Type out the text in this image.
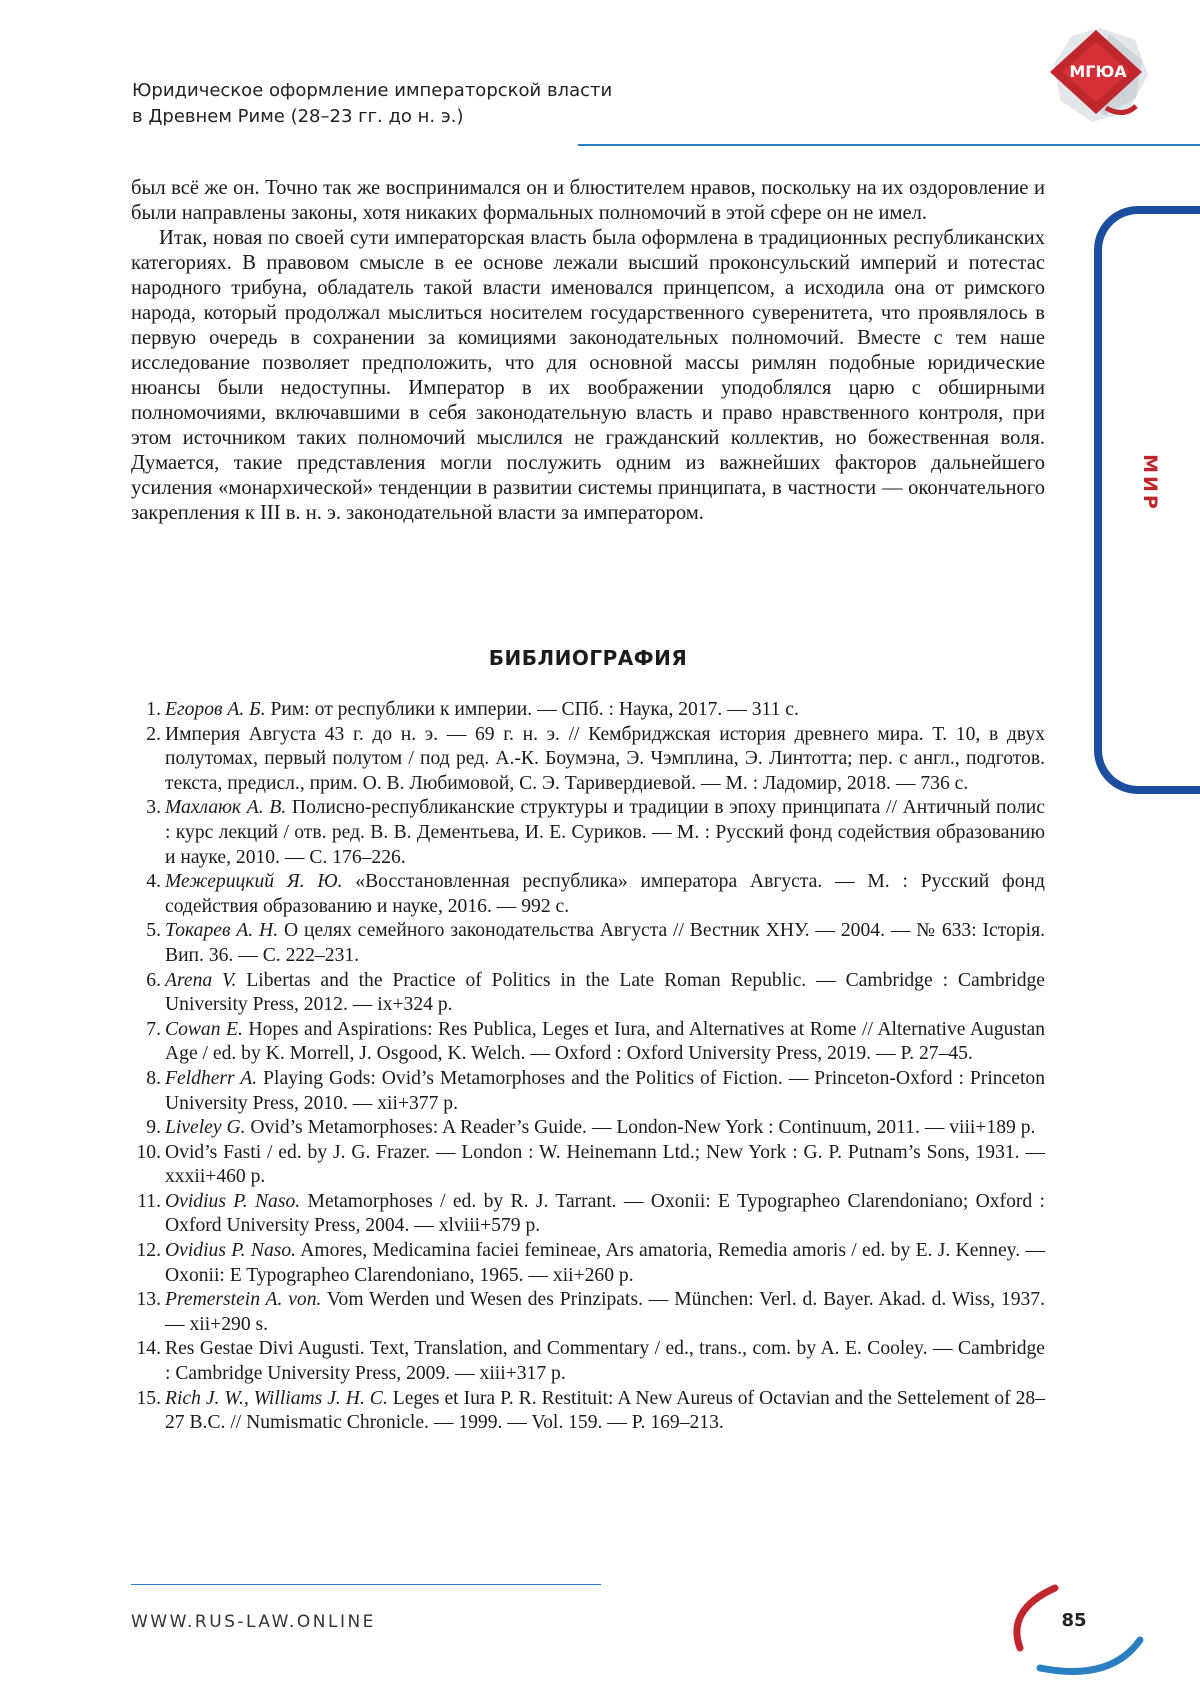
Юридическое оформление императорской власти
в Древнем Риме (28–23 гг. до н. э.)
МГЮА
МИР

был всё же он. Точно так же воспринимался он и блюстителем нравов, поскольку на их оздоровление и были направлены законы, хотя никаких формальных полномочий в этой сфере он не имел.

Итак, новая по своей сути императорская власть была оформлена в традиционных республиканских категориях. В правовом смысле в ее основе лежали высший проконсульский империй и потестас народного трибуна, обладатель такой власти именовался принцепсом, а исходила она от римского народа, который продолжал мыслиться носителем государственного суверенитета, что проявлялось в первую очередь в сохранении за комициями законодательных полномочий. Вместе с тем наше исследование позволяет предположить, что для основной массы римлян подобные юридические нюансы были недоступны. Император в их воображении уподоблялся царю с обширными полномочиями, включавшими в себя законодательную власть и право нравственного контроля, при этом источником таких полномочий мыслился не гражданский коллектив, но божественная воля. Думается, такие представления могли послужить одним из важнейших факторов дальнейшего усиления «монархической» тенденции в развитии системы принципата, в частности — окончательного закрепления к III в. н. э. законодательной власти за императором.

БИБЛИОГРАФИЯ
1. Егоров А. Б. Рим: от республики к империи. — СПб. : Наука, 2017. — 311 с.
2. Империя Августа 43 г. до н. э. — 69 г. н. э. // Кембриджская история древнего мира. Т. 10, в двух полутомах, первый полутом / под ред. А.-К. Боумэна, Э. Чэмплина, Э. Линтотта; пер. с англ., подготов. текста, предисл., прим. О. В. Любимовой, С. Э. Таривердиевой. — М. : Ладомир, 2018. — 736 с.
3. Махлаюк А. В. Полисно-республиканские структуры и традиции в эпоху принципата // Античный полис : курс лекций / отв. ред. В. В. Дементьева, И. Е. Суриков. — М. : Русский фонд содействия образованию и науке, 2010. — С. 176–226.
4. Межерицкий Я. Ю. «Восстановленная республика» императора Августа. — М. : Русский фонд содействия образованию и науке, 2016. — 992 с.
5. Токарев А. Н. О целях семейного законодательства Августа // Вестник ХНУ. — 2004. — № 633: Історія. Вип. 36. — С. 222–231.
6. Arena V. Libertas and the Practice of Politics in the Late Roman Republic. — Cambridge : Cambridge University Press, 2012. — ix+324 p.
7. Cowan E. Hopes and Aspirations: Res Publica, Leges et Iura, and Alternatives at Rome // Alternative Augustan Age / ed. by K. Morrell, J. Osgood, K. Welch. — Oxford : Oxford University Press, 2019. — P. 27–45.
8. Feldherr A. Playing Gods: Ovid’s Metamorphoses and the Politics of Fiction. — Princeton-Oxford : Princeton University Press, 2010. — xii+377 p.
9. Liveley G. Ovid’s Metamorphoses: A Reader’s Guide. — London-New York : Continuum, 2011. — viii+189 p.
10. Ovid’s Fasti / ed. by J. G. Frazer. — London : W. Heinemann Ltd.; New York : G. P. Putnam’s Sons, 1931. — xxxii+460 p.
11. Ovidius P. Naso. Metamorphoses / ed. by R. J. Tarrant. — Oxonii: E Typographeo Clarendoniano; Oxford : Oxford University Press, 2004. — xlviii+579 p.
12. Ovidius P. Naso. Amores, Medicamina faciei femineae, Ars amatoria, Remedia amoris / ed. by E. J. Kenney. — Oxonii: E Typographeo Clarendoniano, 1965. — xii+260 p.
13. Premerstein A. von. Vom Werden und Wesen des Prinzipats. — München: Verl. d. Bayer. Akad. d. Wiss, 1937. — xii+290 s.
14. Res Gestae Divi Augusti. Text, Translation, and Commentary / ed., trans., com. by A. E. Cooley. — Cambridge : Cambridge University Press, 2009. — xiii+317 p.
15. Rich J. W., Williams J. H. C. Leges et Iura P. R. Restituit: A New Aureus of Octavian and the Settelement of 28–27 B.C. // Numismatic Chronicle. — 1999. — Vol. 159. — P. 169–213.
WWW.RUS-LAW.ONLINE	85
